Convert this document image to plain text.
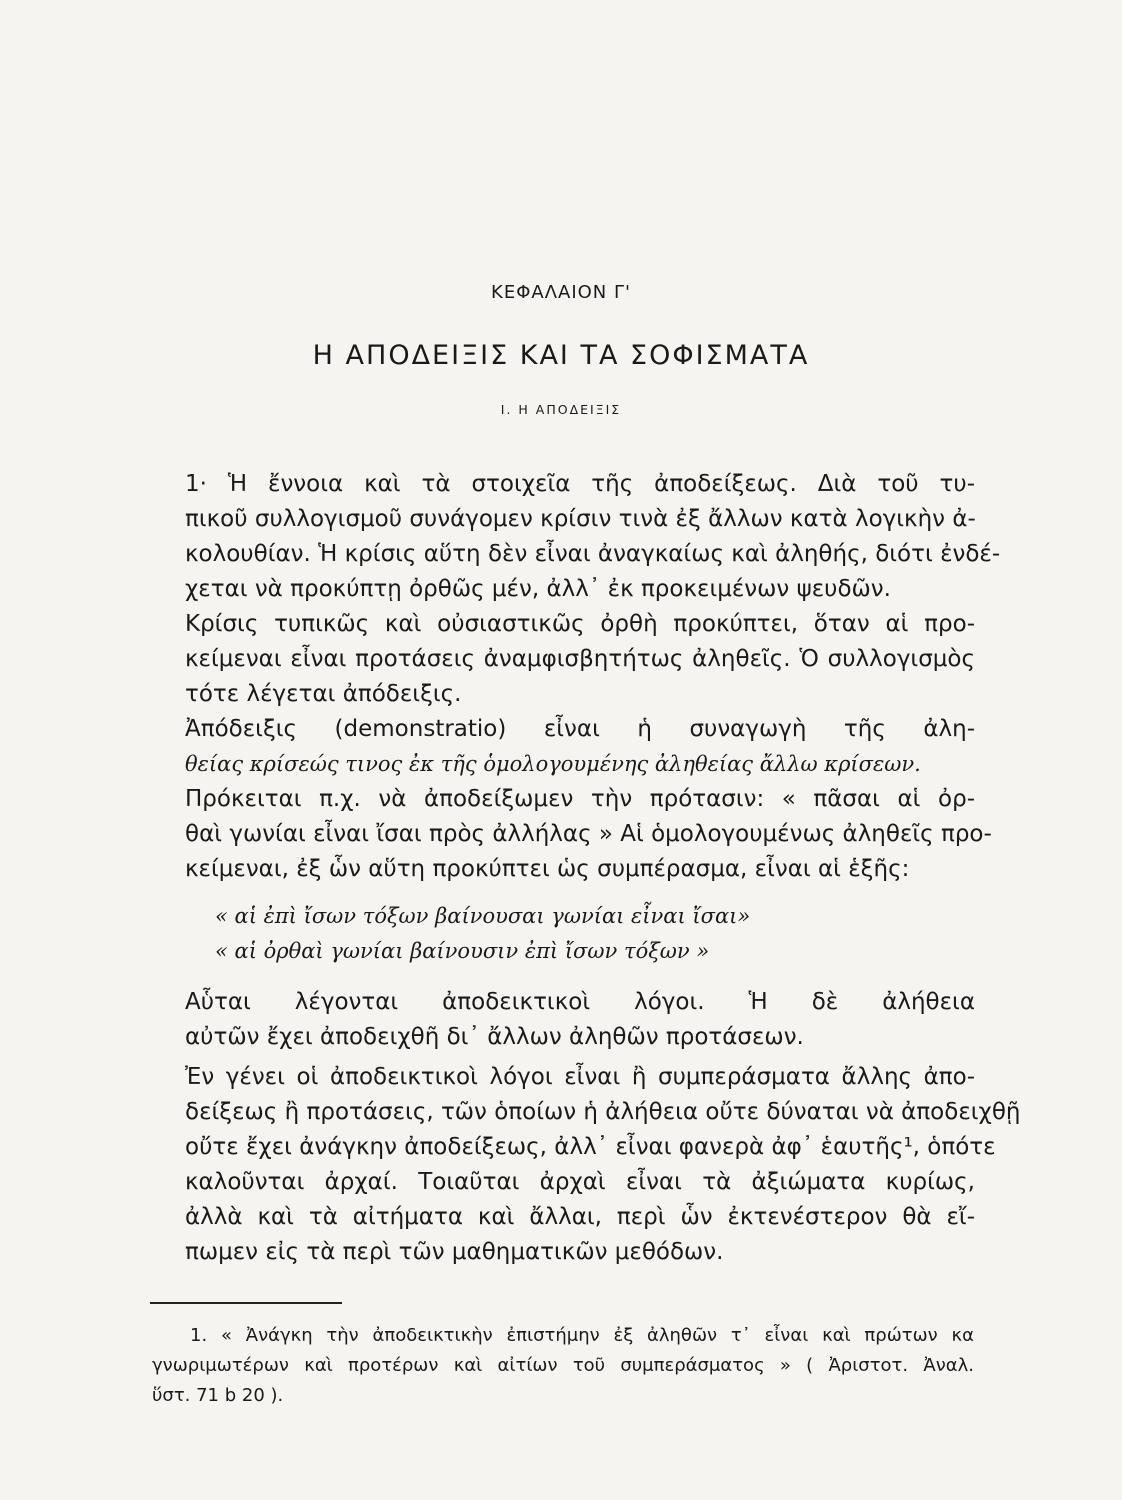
ΚΕΦΑΛΑΙΟΝ Γ'
Η ΑΠΟΔΕΙΞΙΣ ΚΑΙ ΤΑ ΣΟΦΙΣΜΑΤΑ
I. Η ΑΠΟΔΕΙΞΙΣ
1· Ἡ ἔννοια καὶ τὰ στοιχεῖα τῆς ἀποδείξεως. Διὰ τοῦ τυ-
πικοῦ συλλογισμοῦ συνάγομεν κρίσιν τινὰ ἐξ ἄλλων κατὰ λογικὴν ἀ-
κολουθίαν. Ἡ κρίσις αὕτη δὲν εἶναι ἀναγκαίως καὶ ἀληθής, διότι ἐνδέ-
χεται νὰ προκύπτῃ ὀρθῶς μέν, ἀλλ᾽ ἐκ προκειμένων ψευδῶν.
Κρίσις τυπικῶς καὶ οὐσιαστικῶς ὀρθὴ προκύπτει, ὅταν αἱ προ-
κείμεναι εἶναι προτάσεις ἀναμφισβητήτως ἀληθεῖς. Ὁ συλλογισμὸς
τότε λέγεται ἀπόδειξις.
Ἀπόδειξις (demonstratio) εἶναι ἡ συναγωγὴ τῆς ἀλη-
θείας κρίσεώς τινος ἐκ τῆς ὁμολογουμένης ἀληθείας ἄλλω κρίσεων.
Πρόκειται π.χ. νὰ ἀποδείξωμεν τὴν πρότασιν: « πᾶσαι αἱ ὀρ-
θαὶ γωνίαι εἶναι ἴσαι πρὸς ἀλλήλας » Αἱ ὁμολογουμένως ἀληθεῖς προ-
κείμεναι, ἐξ ὧν αὕτη προκύπτει ὡς συμπέρασμα, εἶναι αἱ ἑξῆς:
« αἱ ἐπὶ ἴσων τόξων βαίνουσαι γωνίαι εἶναι ἴσαι»
« αἱ ὀρθαὶ γωνίαι βαίνουσιν ἐπὶ ἴσων τόξων »
Αὗται λέγονται ἀποδεικτικοὶ λόγοι. Ἡ δὲ ἀλήθεια
αὐτῶν ἔχει ἀποδειχθῆ δι᾽ ἄλλων ἀληθῶν προτάσεων.
Ἐν γένει οἱ ἀποδεικτικοὶ λόγοι εἶναι ἢ συμπεράσματα ἄλλης ἀπο-
δείξεως ἢ προτάσεις, τῶν ὁποίων ἡ ἀλήθεια οὔτε δύναται νὰ ἀποδειχθῇ
οὔτε ἔχει ἀνάγκην ἀποδείξεως, ἀλλ᾽ εἶναι φανερὰ ἀφ᾽ ἑαυτῆς¹, ὁπότε
καλοῦνται ἀρχαί. Τοιαῦται ἀρχαὶ εἶναι τὰ ἀξιώματα κυρίως,
ἀλλὰ καὶ τὰ αἰτήματα καὶ ἄλλαι, περὶ ὧν ἐκτενέστερον θὰ εἴ-
πωμεν εἰς τὰ περὶ τῶν μαθηματικῶν μεθόδων.
1. « Ἀνάγκη τὴν ἀποδεικτικὴν ἐπιστήμην ἐξ ἀληθῶν τ᾽ εἶναι καὶ πρώτων κα
γνωριμωτέρων καὶ προτέρων καὶ αἰτίων τοῦ συμπεράσματος » ( Ἀριστοτ. Ἀναλ.
ὕστ. 71 b 20 ).
